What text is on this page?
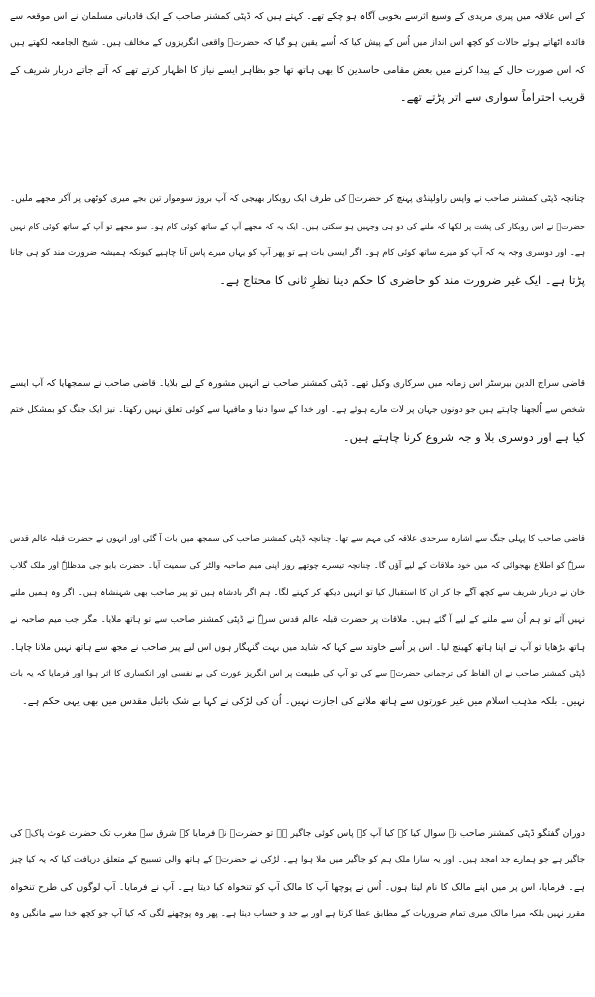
کے اس علاقہ میں پیری مریدی کے وسیع اثرسے بخوبی آگاہ ہو چکے تھے۔ کہتے ہیں کہ ڈپٹی کمشنر صاحب کے ایک قادیانی مسلمان نے اس موقعہ سے
فائدہ اٹھاتے ہوئے حالات کو کچھ اس انداز میں اُس کے پیش کیا کہ اُسے یقین ہو گیا کہ حضرتؒ واقعی انگریزوں کے مخالف ہیں۔ شیخ الجامعہ لکھتے ہیں
کہ اس صورت حال کے پیدا کرنے میں بعض مقامی حاسدین کا بھی ہاتھ تھا جو بظاہر ایسے نیاز کا اظہار کرتے تھے کہ آتے جاتے دربار شریف کے
قریب احتراماً سواری سے اتر پڑتے تھے۔
چنانچہ ڈپٹی کمشنر صاحب نے واپس راولپنڈی پہنچ کر حضرتؒ کی طرف ایک روبکار بھیجی کہ آپ بروز سوموار تین بجے میری کوٹھی پر آکر مجھے ملیں۔
حضرتؒ نے اس روبکار کی پشت پر لکھا کہ ملنے کی دو ہی وجہیں ہو سکتی ہیں۔ ایک یہ کہ مجھے آپ کے ساتھ کوئی کام ہو۔ سو مجھے تو آپ کے ساتھ کوئی کام نہیں
ہے۔ اور دوسری وجہ یہ کہ آپ کو میرے ساتھ کوئی کام ہو۔ اگر ایسی بات ہے تو پھر آپ کو یہاں میرے پاس آنا چاہیے کیونکہ ہمیشہ ضرورت مند کو ہی جانا
پڑتا ہے۔ ایک غیر ضرورت مند کو حاضری کا حکم دینا نظرِ ثانی کا محتاج ہے۔
قاضی سراج الدین بیرسٹر اس زمانہ میں سرکاری وکیل تھے۔ ڈپٹی کمشنر صاحب نے انہیں مشورہ کے لیے بلایا۔ قاضی صاحب نے سمجھایا کہ آپ ایسے
شخص سے اُلجھنا چاہتے ہیں جو دونوں جہان پر لات مارے ہوئے ہے۔ اور خدا کے سوا دنیا و مافیہا سے کوئی تعلق نہیں رکھتا۔ نیز ایک جنگ کو بمشکل ختم
کیا ہے اور دوسری بلا و جہ شروع کرنا چاہتے ہیں۔
قاضی صاحب کا پہلی جنگ سے اشارہ سرحدی علاقہ کی مہم سے تھا۔ چنانچہ ڈپٹی کمشنر صاحب کی سمجھ میں بات آ گئی اور انہوں نے حضرت قبلہ عالم قدس
سرہٗ کو اطلاع بھجوائی کہ میں خود ملاقات کے لیے آؤں گا۔ چنانچہ تیسرے چوتھے روز اپنی میم صاحبہ والٹر کی سمیت آیا۔ حضرت بابو جی مدظلہٗ اور ملک گلاب
خان نے دربار شریف سے کچھ آگے جا کر ان کا استقبال کیا تو انہیں دیکھ کر کہنے لگا۔ ہم اگر بادشاہ ہیں تو پیر صاحب بھی شہنشاہ ہیں۔ اگر وہ ہمیں ملنے
نہیں آئے تو ہم اُن سے ملنے کے لیے آ گئے ہیں۔ ملاقات پر حضرت قبلہ عالم قدس سرہٗ نے ڈپٹی کمشنر صاحب سے تو ہاتھ ملایا۔ مگر جب میم صاحبہ نے
ہاتھ بڑھایا تو آپ نے اپنا ہاتھ کھینچ لیا۔ اس پر اُسے خاوند سے کہا کہ شاید میں بہت گنہگار ہوں اس لیے پیر صاحب نے مجھ سے ہاتھ نہیں ملانا چاہا۔
ڈپٹی کمشنر صاحب نے ان الفاظ کی ترجمانی حضرتؒ سے کی تو آپ کی طبیعت پر اس انگریز عورت کی بے نفسی اور انکساری کا اثر ہوا اور فرمایا کہ یہ بات
نہیں۔ بلکہ مذہب اسلام میں غیر عورتوں سے ہاتھ ملانے کی اجازت نہیں۔ اُن کی لڑکی نے کہا بے شک بائبل مقدس میں بھی یہی حکم ہے۔
دوران گفتگو ڈپٹی کمشنر صاحب نے سوال کیا کہ کیا آپ کے پاس کوئی جاگیر ہے تو حضرتؒ نے فرمایا کہ شرق سے مغرب تک حضرت غوث پاکؒ کی
جاگیر ہے جو ہمارے جد امجد ہیں۔ اور یہ سارا ملک ہم کو جاگیر میں ملا ہوا ہے۔ لڑکی نے حضرتؒ کے ہاتھ والی تسبیح کے متعلق دریافت کیا کہ یہ کیا چیز
ہے۔ فرمایا، اس پر میں اپنے مالک کا نام لیتا ہوں۔ اُس نے پوچھا آپ کا مالک آپ کو تنخواہ کیا دیتا ہے۔ آپ نے فرمایا۔ آپ لوگوں کی طرح تنخواہ
مقرر نہیں بلکہ میرا مالک میری تمام ضروریات کے مطابق عطا کرتا ہے اور بے حد و حساب دیتا ہے۔ پھر وہ پوچھنے لگی کہ کیا آپ جو کچھ خدا سے مانگیں وہ
